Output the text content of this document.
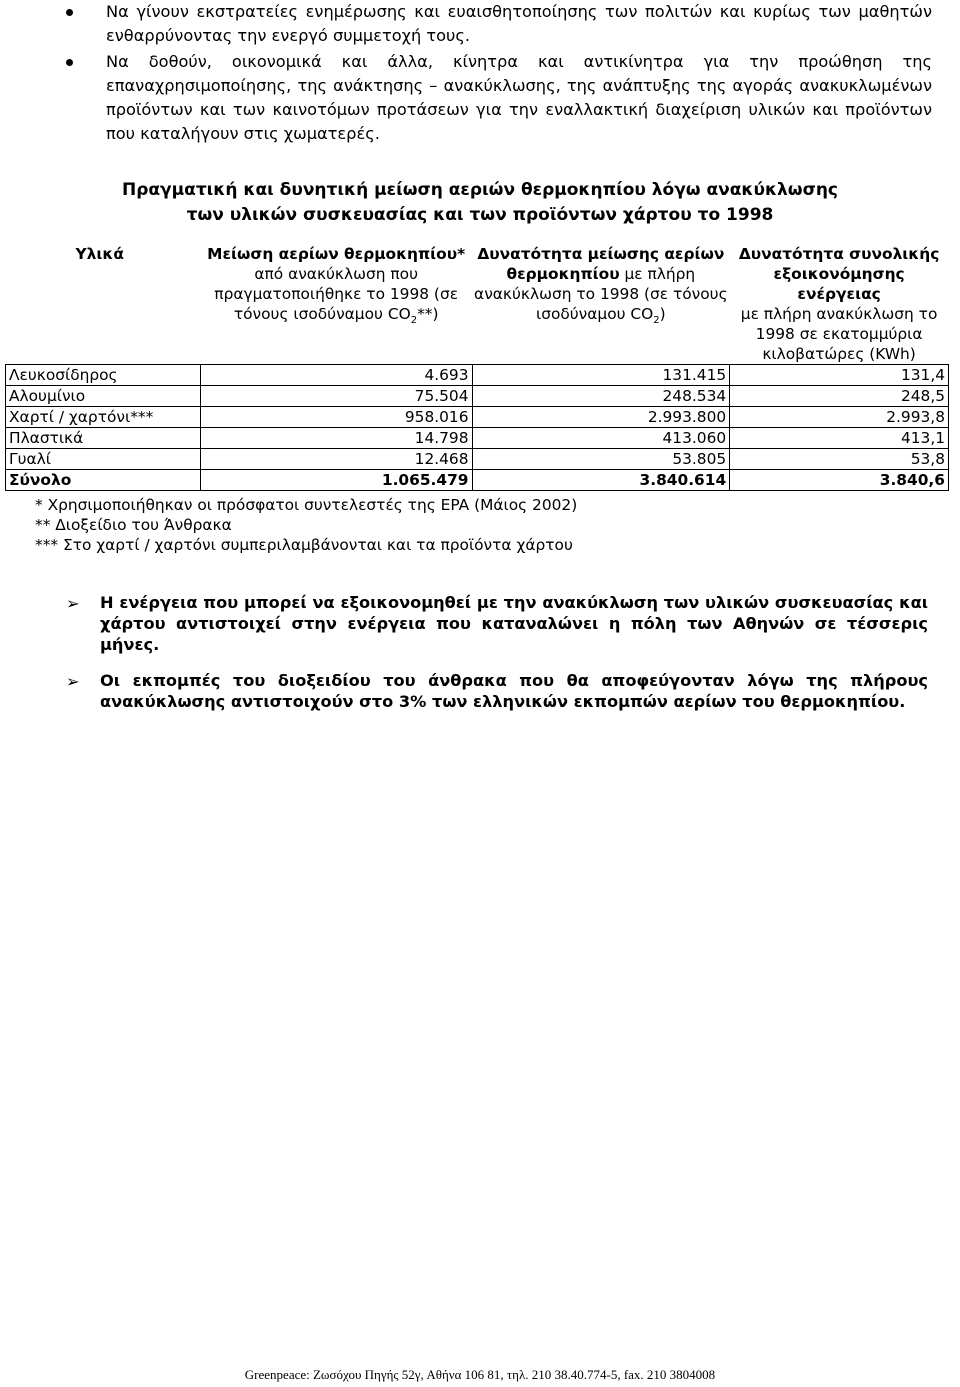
Να γίνουν εκστρατείες ενημέρωσης και ευαισθητοποίησης των πολιτών και κυρίως των μαθητών ενθαρρύνοντας την ενεργό συμμετοχή τους.
Να δοθούν, οικονομικά και άλλα, κίνητρα και αντικίνητρα για την προώθηση της επαναχρησιμοποίησης, της ανάκτησης – ανακύκλωσης, της ανάπτυξης της αγοράς ανακυκλωμένων προϊόντων και των καινοτόμων προτάσεων για την εναλλακτική διαχείριση υλικών και προϊόντων που καταλήγουν στις χωματερές.
Πραγματική και δυνητική μείωση αεριών θερμοκηπίου λόγω ανακύκλωσης
των υλικών συσκευασίας και των προϊόντων χάρτου το 1998
Υλικά	Μείωση αερίων θερμοκηπίου* από ανακύκλωση που πραγματοποιήθηκε το 1998 (σε τόνους ισοδύναμου $CO_2**$)	Δυνατότητα μείωσης αερίων θερμοκηπίου με πλήρη ανακύκλωση το 1998 (σε τόνους ισοδύναμου $CO_2$)	Δυνατότητα συνολικής εξοικονόμησης ενέργειας
με πλήρη ανακύκλωση το 1998 σε εκατομμύρια κιλοβατώρες (KWh)
Λευκοσίδηρος	4.693	131.415	131,4
Αλουμίνιο	75.504	248.534	248,5
Χαρτί / χαρτόνι***	958.016	2.993.800	2.993,8
Πλαστικά	14.798	413.060	413,1
Γυαλί	12.468	53.805	53,8
Σύνολο	1.065.479	3.840.614	3.840,6
* Χρησιμοποιήθηκαν οι πρόσφατοι συντελεστές της EPA (Μάιος 2002)
** Διοξείδιο του Άνθρακα
*** Στο χαρτί / χαρτόνι συμπεριλαμβάνονται και τα προϊόντα χάρτου
➢ Η ενέργεια που μπορεί να εξοικονομηθεί με την ανακύκλωση των υλικών συσκευασίας και χάρτου αντιστοιχεί στην ενέργεια που καταναλώνει η πόλη των Αθηνών σε τέσσερις μήνες.
➢ Οι εκπομπές του διοξειδίου του άνθρακα που θα αποφεύγονταν λόγω της πλήρους ανακύκλωσης αντιστοιχούν στο 3% των ελληνικών εκπομπών αερίων του θερμοκηπίου.
Greenpeace: Ζωσόχου Πηγής 52γ, Αθήνα 106 81, τηλ. 210 38.40.774-5, fax. 210 3804008
